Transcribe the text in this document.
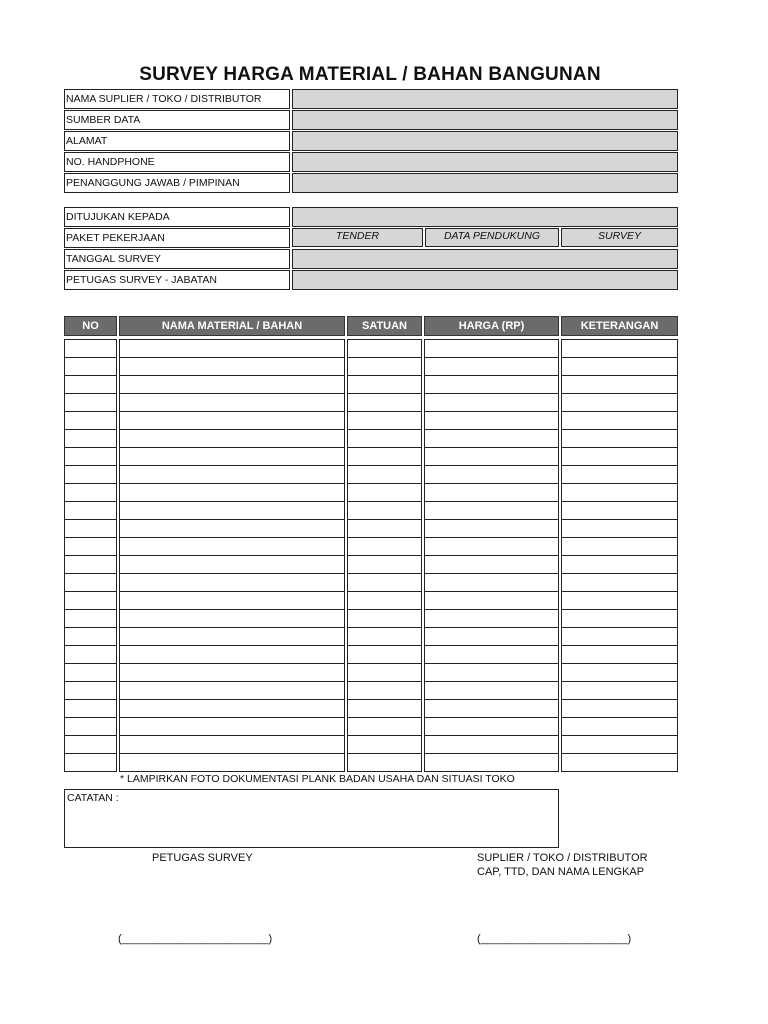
SURVEY HARGA MATERIAL / BAHAN BANGUNAN
NAMA SUPLIER / TOKO / DISTRIBUTOR
SUMBER DATA
ALAMAT
NO. HANDPHONE
PENANGGUNG JAWAB / PIMPINAN
DITUJUKAN KEPADA
PAKET PEKERJAAN	TENDER	DATA PENDUKUNG	SURVEY
TANGGAL SURVEY
PETUGAS SURVEY - JABATAN
NO	NAMA MATERIAL / BAHAN	SATUAN	HARGA (RP)	KETERANGAN
* LAMPIRKAN FOTO DOKUMENTASI PLANK BADAN USAHA DAN SITUASI TOKO
CATATAN :
PETUGAS SURVEY	SUPLIER / TOKO / DISTRIBUTOR
CAP, TTD, DAN NAMA LENGKAP
(________________________)	(________________________)
